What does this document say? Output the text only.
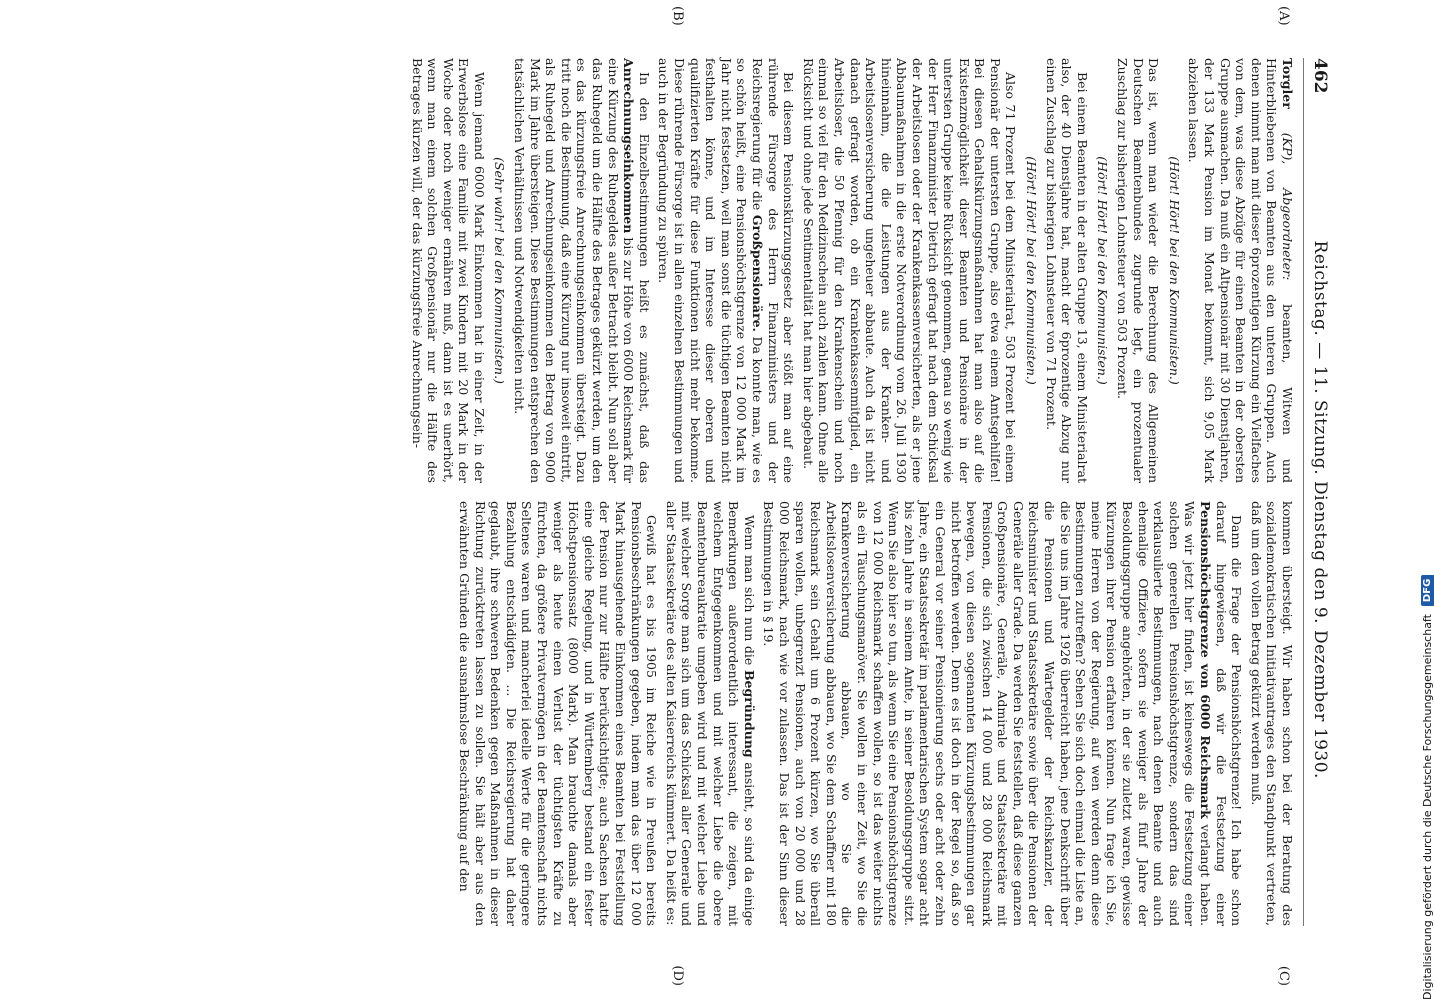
462
Reichstag. — 11. Sitzung. Dienstag den 9. Dezember 1930.
(A)
(B)
(C)
(D)

Torgler (KP), Abgeordneter: beamten, Witwen und Hinterbliebenen von Beamten aus den unteren Gruppen. Auch denen nimmt man mit dieser 6prozentigen Kürzung ein Vielfaches von dem, was diese Abzüge für einen Beamten in der obersten Gruppe ausmachen. Da muß ein Altpensionär mit 30 Dienstjahren, der 133 Mark Pension im Monat bekommt, sich 9,05 Mark abziehen lassen.

(Hört! Hört! bei den Kommunisten.)

Das ist, wenn man wieder die Berechnung des Allgemeinen Deutschen Beamtenbundes zugrunde legt, ein prozentualer Zuschlag zur bisherigen Lohnsteuer von 503 Prozent.

(Hört! Hört! bei den Kommunisten.)

Bei einem Beamten in der alten Gruppe 13, einem Ministerialrat also, der 40 Dienstjahre hat, macht der 6prozentige Abzug nur einen Zuschlag zur bisherigen Lohnsteuer von 71 Prozent.

(Hört! Hört! bei den Kommunisten.)

Also 71 Prozent bei dem Ministerialrat, 503 Prozent bei einem Pensionär der untersten Gruppe, also etwa einem Amtsgehilfen! Bei diesen Gehaltskürzungsmaßnahmen hat man also auf die Existenzmöglichkeit dieser Beamten und Pensionäre in der untersten Gruppe keine Rücksicht genommen, genau so wenig wie der Herr Finanzminister Dietrich gefragt hat nach dem Schicksal der Arbeitslosen oder der Krankenkassenversicherten, als er jene Abbaumaßnahmen in die erste Notverordnung vom 26. Juli 1930 hineinnahm, die die Leistungen aus der Kranken- und Arbeitslosenversicherung ungeheuer abbaute. Auch da ist nicht danach gefragt worden, ob ein Krankenkassenmitglied, ein Arbeitsloser, die 50 Pfennig für den Krankenschein und noch einmal so viel für den Medizinschein auch zahlen kann. Ohne alle Rücksicht und ohne jede Sentimentalität hat man hier abgebaut.

Bei diesem Pensionskürzungsgesetz aber stößt man auf eine rührende Fürsorge des Herrn Finanzministers und der Reichsregierung für die Großpensionäre. Da konnte man, wie es so schön heißt, eine Pensionshöchstgrenze von 12 000 Mark im Jahr nicht festsetzen, weil man sonst die tüchtigen Beamten nicht festhalten könne, und im Interesse dieser oberen und qualifizierten Kräfte für diese Funktionen nicht mehr bekomme. Diese rührende Fürsorge ist in allen einzelnen Bestimmungen und auch in der Begründung zu spüren.

In den Einzelbestimmungen heißt es zunächst, daß das Anrechnungseinkommen bis zur Höhe von 6000 Reichsmark für eine Kürzung des Ruhegeldes außer Betracht bleibt. Nun soll aber das Ruhegeld um die Hälfte des Betrages gekürzt werden, um den es das kürzungsfreie Anrechnungseinkommen übersteigt. Dazu tritt noch die Bestimmung, daß eine Kürzung nur insoweit eintritt, als Ruhegeld und Anrechnungseinkommen den Betrag von 9000 Mark im Jahre übersteigen. Diese Bestimmungen entsprechen den tatsächlichen Verhältnissen und Notwendigkeiten nicht.

(Sehr wahr! bei den Kommunisten.)

Wenn jemand 6000 Mark Einkommen hat in einer Zeit, in der Erwerbslose eine Familie mit zwei Kindern mit 20 Mark in der Woche oder noch weniger ernähren muß, dann ist es unerhört, wenn man einem solchen Großpensionär nur die Hälfte des Betrages kürzen will, der das kürzungsfreie Anrechnungsein-

kommen übersteigt. Wir haben schon bei der Beratung des sozialdemokratischen Initiativantrages den Standpunkt vertreten, daß um den vollen Betrag gekürzt werden muß.

Dann die Frage der Pensionshöchstgrenze! Ich habe schon darauf hingewiesen, daß wir die Festsetzung einer Pensionshöchstgrenze von 6000 Reichsmark verlangt haben. Was wir jetzt hier finden, ist keineswegs die Festsetzung einer solchen generellen Pensionshöchstgrenze, sondern das sind verklausulierte Bestimmungen, nach denen Beamte und auch ehemalige Offiziere, sofern sie weniger als fünf Jahre der Besoldungsgruppe angehörten, in der sie zuletzt waren, gewisse Kürzungen ihrer Pension erfahren können. Nun frage ich Sie, meine Herren von der Regierung, auf wen werden denn diese Bestimmungen zutreffen? Sehen Sie sich doch einmal die Liste an, die Sie uns im Jahre 1926 überreicht haben, jene Denkschrift über die Pensionen und Wartegelder der Reichskanzler, der Reichsminister und Staatssekretäre sowie über die Pensionen der Generäle aller Grade. Da werden Sie feststellen, daß diese ganzen Großpensionäre, Generäle, Admirale und Staatssekretäre mit Pensionen, die sich zwischen 14 000 und 28 000 Reichsmark bewegen, von diesen sogenannten Kürzungsbestimmungen gar nicht betroffen werden. Denn es ist doch in der Regel so, daß so ein General vor seiner Pensionierung sechs oder acht oder zehn Jahre, ein Staatssekretär im parlamentarischen System sogar acht bis zehn Jahre in seinem Amte, in seiner Besoldungsgruppe sitzt. Wenn Sie also hier so tun, als wenn Sie eine Pensionshöchstgrenze von 12 000 Reichsmark schaffen wollen, so ist das weiter nichts als ein Täuschungsmanöver. Sie wollen in einer Zeit, wo Sie die Krankenversicherung abbauen, wo Sie die Arbeitslosenversicherung abbauen, wo Sie dem Schaffner mit 180 Reichsmark sein Gehalt um 6 Prozent kürzen, wo Sie überall sparen wollen, unbegrenzt Pensionen, auch von 20 000 und 28 000 Reichsmark, nach wie vor zulassen. Das ist der Sinn dieser Bestimmungen in § 19.

Wenn man sich nun die Begründung ansieht, so sind da einige Bemerkungen außerordentlich interessant, die zeigen, mit welchem Entgegenkommen und mit welcher Liebe die obere Beamtenbureaukratie umgeben wird und mit welcher Liebe und mit welcher Sorge man sich um das Schicksal aller Generale und aller Staatssekretäre des alten Kaiserreichs kümmert. Da heißt es:

Gewiß hat es bis 1905 im Reiche wie in Preußen bereits Pensionsbeschränkungen gegeben, indem man das über 12 000 Mark hinausgehende Einkommen eines Beamten bei Feststellung der Pension nur zur Hälfte berücksichtigte; auch Sachsen hatte eine gleiche Regelung, und in Württemberg bestand ein fester Höchstpensionssatz (8000 Mark). Man brauchte damals aber weniger als heute einen Verlust der tüchtigsten Kräfte zu fürchten, da größere Privatvermögen in der Beamtenschaft nichts Seltenes waren und mancherlei ideelle Werte für die geringere Bezahlung entschädigten. ... Die Reichsregierung hat daher geglaubt, ihre schweren Bedenken gegen Maßnahmen in dieser Richtung zurücktreten lassen zu sollen. Sie hält aber aus den erwähnten Gründen die ausnahmslose Beschränkung auf den	Digitalisierung gefördert durch die Deutsche Forschungsgemeinschaft
DFG
